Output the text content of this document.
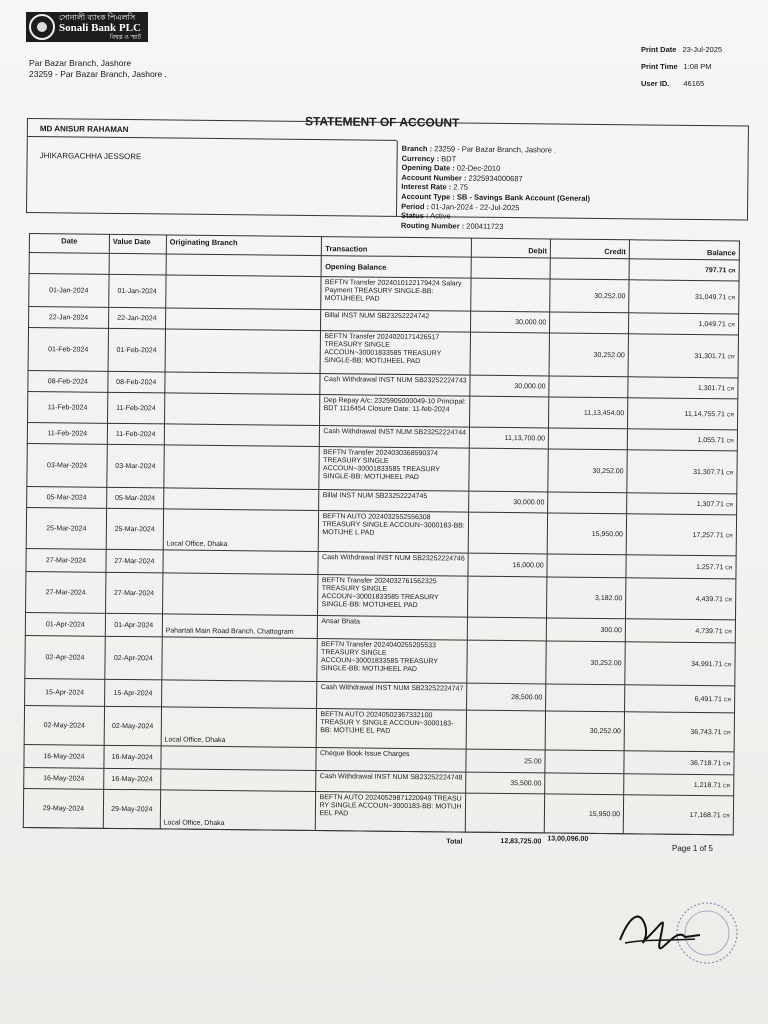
সোনালী ব্যাংক পিএলসি
Sonali Bank PLC
বিশ্বস্ত ও স্মার্ট
Par Bazar Branch, Jashore
23259 - Par Bazar Branch, Jashore .
Print Date 23-Jul-2025
Print Time 1:08 PM
User ID. 46165
STATEMENT OF ACCOUNT
MD ANISUR RAHAMAN
JHIKARGACHHA JESSORE
Branch : 23259 - Par Bazar Branch, Jashore .
Currency : BDT
Opening Date : 02-Dec-2010
Account Number : 2325934000687
Interest Rate : 2.75
Account Type : SB - Savings Bank Account (General)
Period : 01-Jan-2024 - 22-Jul-2025
Status : Active
Routing Number : 200411723
Date	Value Date	Originating Branch	Transaction	Debit	Credit	Balance
			Opening Balance			797.71 CR
01-Jan-2024	01-Jan-2024		BEFTN Transfer 2024010122179424 Salary Payment TREASURY SINGLE-BB: MOTIJHEEL PAD		30,252.00	31,049.71 CR
22-Jan-2024	22-Jan-2024		Billal INST NUM SB23252224742	30,000.00		1,049.71 CR
01-Feb-2024	01-Feb-2024		BEFTN Transfer 2024020171426517 TREASURY SINGLE ACCOUN~30001833585 TREASURY SINGLE-BB: MOTIJHEEL PAD		30,252.00	31,301.71 CR
08-Feb-2024	08-Feb-2024		Cash Withdrawal INST NUM SB23252224743	30,000.00		1,301.71 CR
11-Feb-2024	11-Feb-2024		Dep Repay A/c: 2325905000049-10 Principal: BDT 1116454 Closure Date: 11-feb-2024		11,13,454.00	11,14,755.71 CR
11-Feb-2024	11-Feb-2024		Cash Withdrawal INST NUM SB23252224744	11,13,700.00		1,055.71 CR
03-Mar-2024	03-Mar-2024		BEFTN Transfer 2024030368590374 TREASURY SINGLE ACCOUN~30001833585 TREASURY SINGLE-BB: MOTIJHEEL PAD		30,252.00	31,307.71 CR
05-Mar-2024	05-Mar-2024		Billal INST NUM SB23252224745	30,000.00		1,307.71 CR
25-Mar-2024	25-Mar-2024	Local Office, Dhaka	BEFTN AUTO 2024032552556308 TREASURY SINGLE ACCOUN~3000183-BB: MOTIJHE L PAD		15,950.00	17,257.71 CR
27-Mar-2024	27-Mar-2024		Cash Withdrawal INST NUM SB23252224746	16,000.00		1,257.71 CR
27-Mar-2024	27-Mar-2024		BEFTN Transfer 2024032761562325 TREASURY SINGLE ACCOUN~30001833585 TREASURY SINGLE-BB: MOTIJHEEL PAD		3,182.00	4,439.71 CR
01-Apr-2024	01-Apr-2024	Pahartali Main Road Branch, Chattogram	Ansar Bhata		300.00	4,739.71 CR
02-Apr-2024	02-Apr-2024		BEFTN Transfer 2024040255205533 TREASURY SINGLE ACCOUN~30001833585 TREASURY SINGLE-BB: MOTIJHEEL PAD		30,252.00	34,991.71 CR
15-Apr-2024	15-Apr-2024		Cash Withdrawal INST NUM SB23252224747	28,500.00		6,491.71 CR
02-May-2024	02-May-2024	Local Office, Dhaka	BEFTN AUTO 20240502367332100 TREASUR Y SINGLE ACCOUN~3000183-BB: MOTIJHE EL PAD		30,252.00	36,743.71 CR
16-May-2024	16-May-2024		Cheque Book Issue Charges	25.00		36,718.71 CR
16-May-2024	16-May-2024		Cash Withdrawal INST NUM SB23252224748	35,500.00		1,218.71 CR
29-May-2024	29-May-2024	Local Office, Dhaka	BEFTN AUTO 20240529871220949 TREASU RY SINGLE ACCOUN~3000183-BB: MOTIJH EEL PAD		15,950.00	17,168.71 CR
			Total	12,83,725.00	13,00,096.00	
Page 1 of 5
